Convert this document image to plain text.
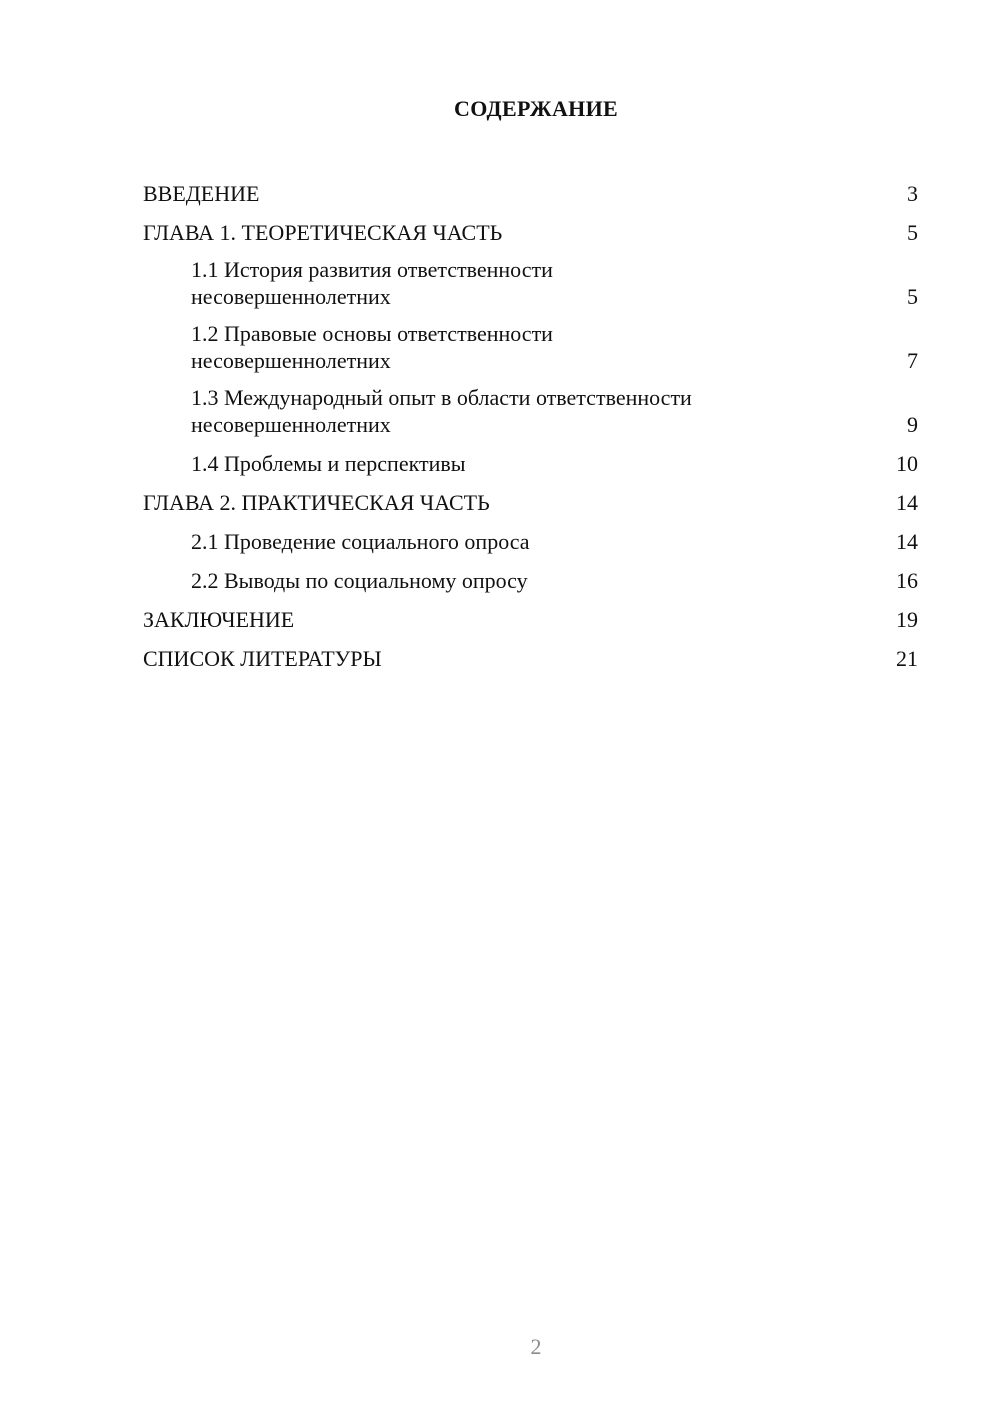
СОДЕРЖАНИЕ
ВВЕДЕНИЕ	3
ГЛАВА 1. ТЕОРЕТИЧЕСКАЯ ЧАСТЬ	5
1.1 История развития ответственности
несовершеннолетних	5
1.2 Правовые основы ответственности
несовершеннолетних	7
1.3 Международный опыт в области ответственности
несовершеннолетних	9
1.4 Проблемы и перспективы	10
ГЛАВА 2. ПРАКТИЧЕСКАЯ ЧАСТЬ	14
2.1 Проведение социального опроса	14
2.2 Выводы по социальному опросу	16
ЗАКЛЮЧЕНИЕ	19
СПИСОК ЛИТЕРАТУРЫ	21
2
